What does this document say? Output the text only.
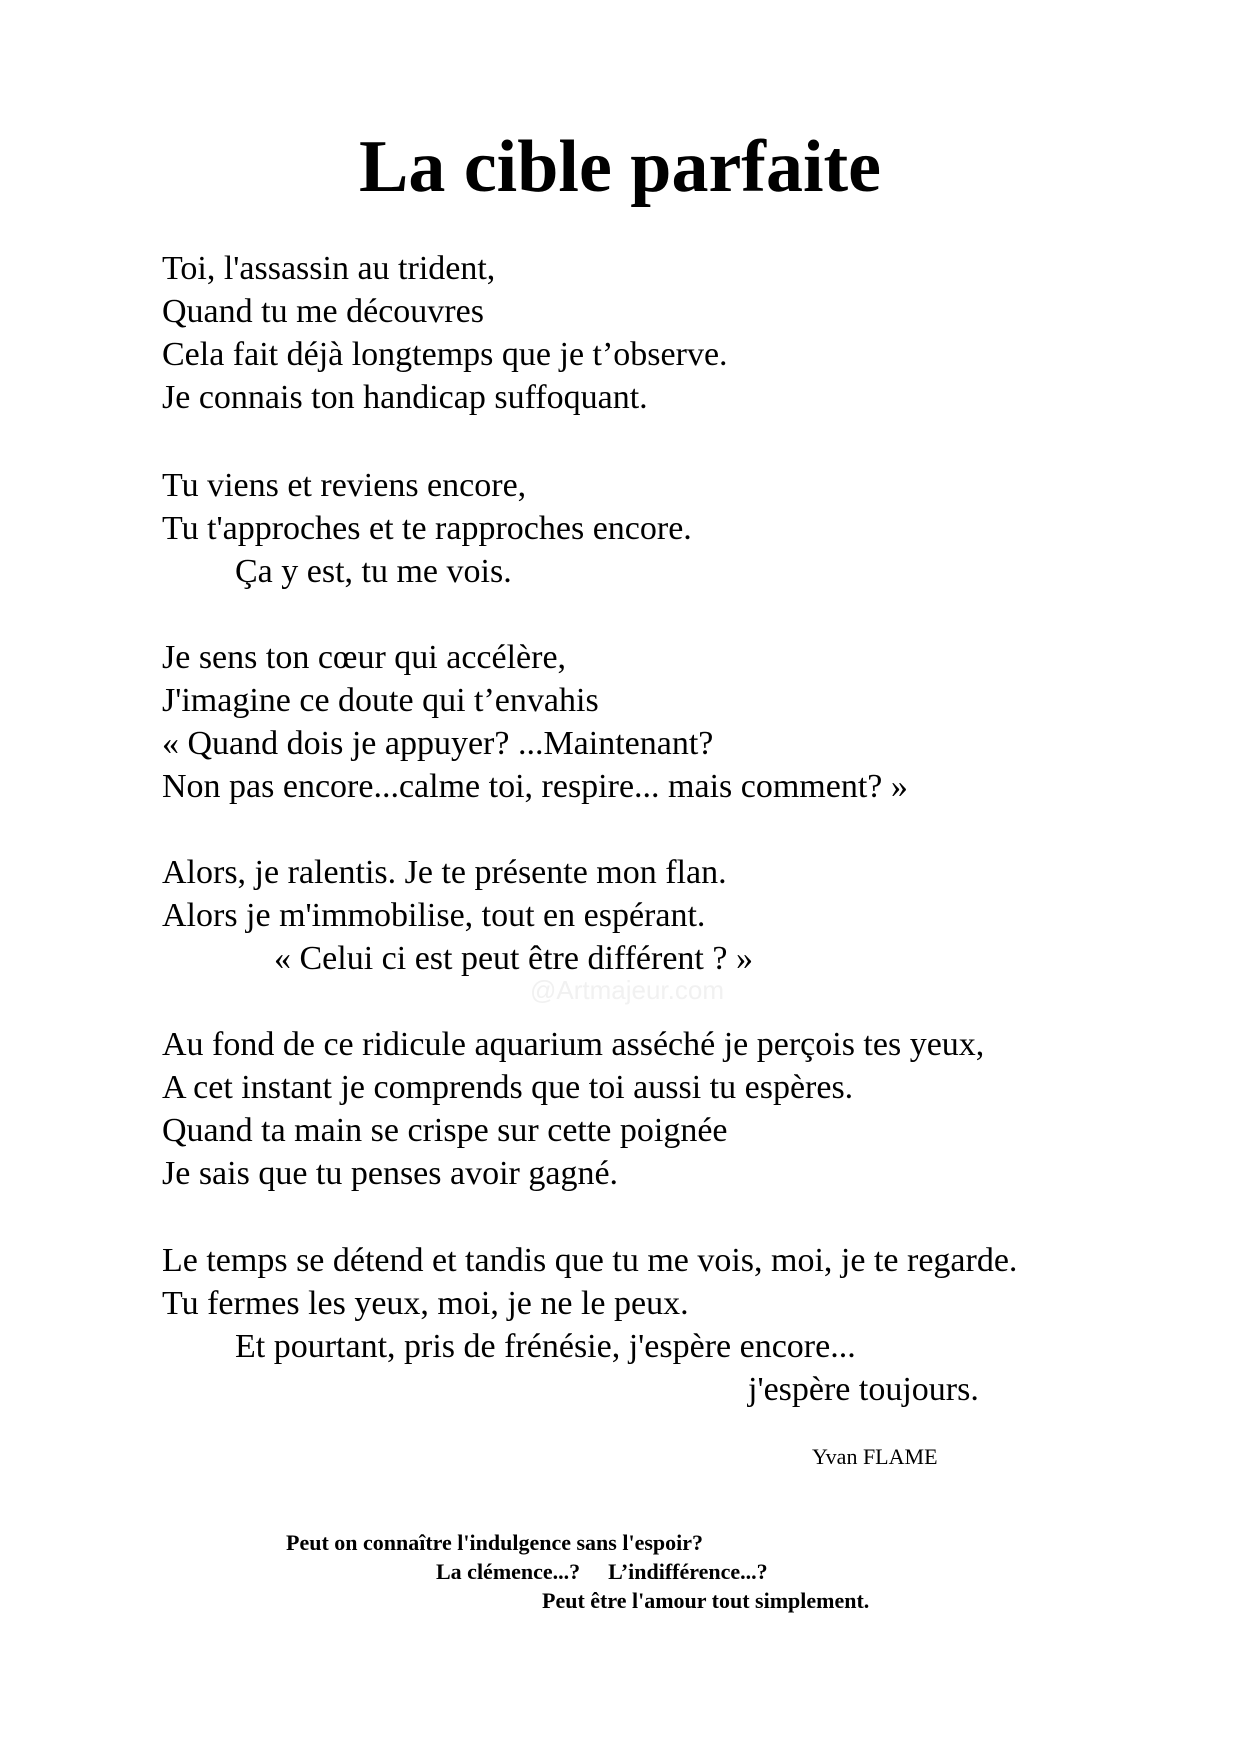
La cible parfaite
Toi, l'assassin au trident,
Quand tu me découvres
Cela fait déjà longtemps que je t’observe.
Je connais ton handicap suffoquant.
Tu viens et reviens encore,
Tu t'approches et te rapproches encore.
Ça y est, tu me vois.
Je sens ton cœur qui accélère,
J'imagine ce doute qui t’envahis
« Quand dois je appuyer? ...Maintenant?
Non pas encore...calme toi, respire... mais comment? »
Alors, je ralentis. Je te présente mon flan.
Alors je m'immobilise, tout en espérant.
« Celui ci est peut être différent ? »
Au fond de ce ridicule aquarium asséché je perçois tes yeux,
A cet instant je comprends que toi aussi tu espères.
Quand ta main se crispe sur cette poignée
Je sais que tu penses avoir gagné.
Le temps se détend et tandis que tu me vois, moi, je te regarde.
Tu fermes les yeux, moi, je ne le peux.
Et pourtant, pris de frénésie, j'espère encore...
j'espère toujours.
Yvan FLAME
Peut on connaître l'indulgence sans l'espoir?
La clémence...? L’indifférence...?
Peut être l'amour tout simplement.
@Artmajeur.com
